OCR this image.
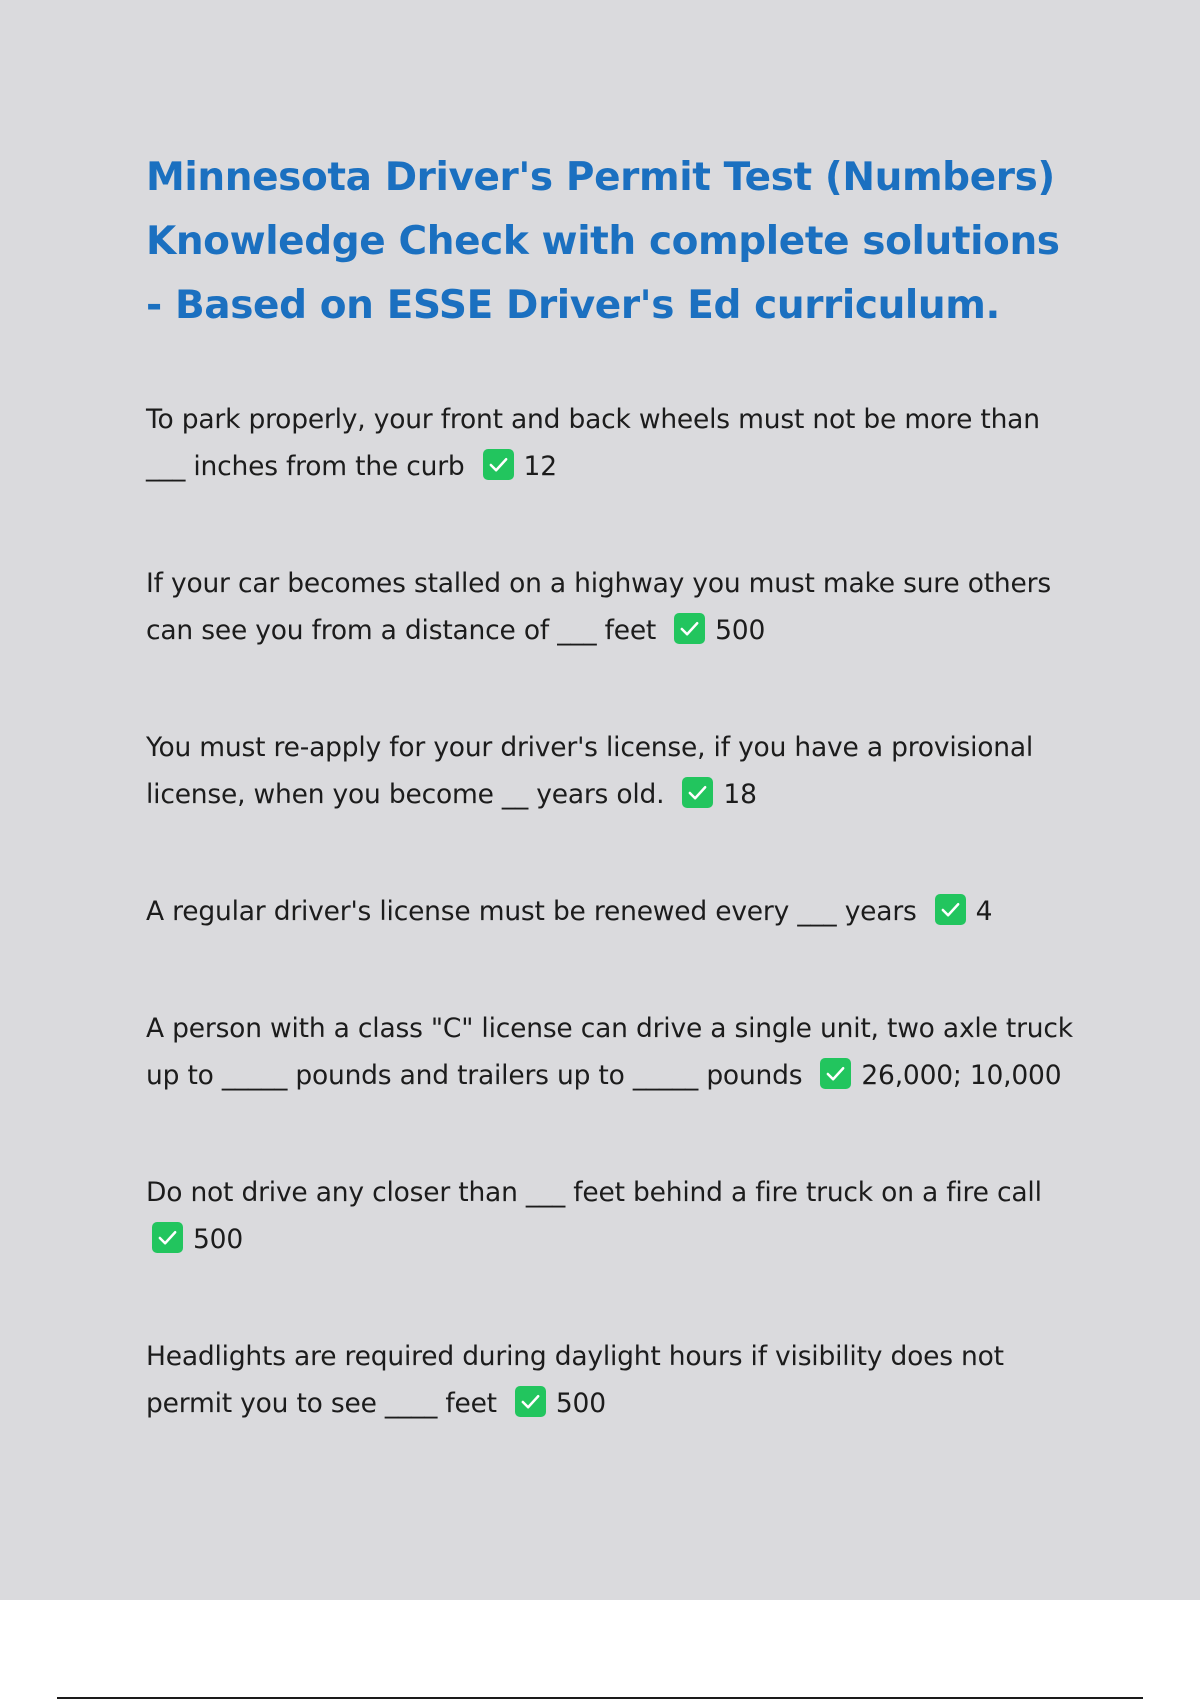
Minnesota Driver's Permit Test (Numbers) Knowledge Check with complete solutions - Based on ESSE Driver's Ed curriculum.
To park properly, your front and back wheels must not be more than ___ inches from the curb 12
If your car becomes stalled on a highway you must make sure others can see you from a distance of ___ feet 500
You must re-apply for your driver's license, if you have a provisional license, when you become __ years old. 18
A regular driver's license must be renewed every ___ years 4
A person with a class "C" license can drive a single unit, two axle truck up to _____ pounds and trailers up to _____ pounds 26,000; 10,000
Do not drive any closer than ___ feet behind a fire truck on a fire call

500
Headlights are required during daylight hours if visibility does not permit you to see ____ feet 500
